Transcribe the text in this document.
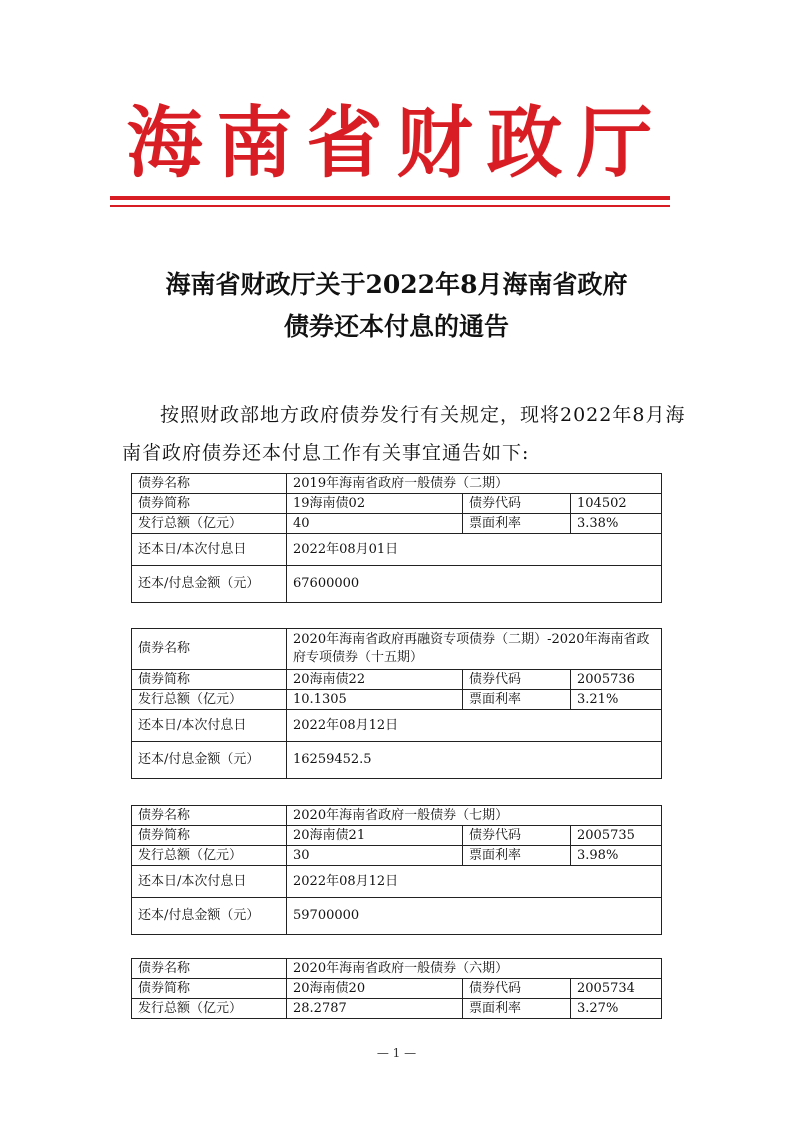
海南省财政厅
海南省财政厅关于2022年8月海南省政府
债券还本付息的通告
按照财政部地方政府债券发行有关规定，现将2022年8月海南省政府债券还本付息工作有关事宜通告如下:
债券名称	2019年海南省政府一般债券（二期）		
债券简称	19海南债02	债券代码	104502
发行总额（亿元）	40	票面利率	3.38%
还本日/本次付息日	2022年08月01日		
还本/付息金额（元）	67600000		
债券名称	2020年海南省政府再融资专项债券（二期）-2020年海南省政府专项债券（十五期）		
债券简称	20海南债22	债券代码	2005736
发行总额（亿元）	10.1305	票面利率	3.21%
还本日/本次付息日	2022年08月12日		
还本/付息金额（元）	16259452.5		
债券名称	2020年海南省政府一般债券（七期）		
债券简称	20海南债21	债券代码	2005735
发行总额（亿元）	30	票面利率	3.98%
还本日/本次付息日	2022年08月12日		
还本/付息金额（元）	59700000		
债券名称	2020年海南省政府一般债券（六期）		
债券简称	20海南债20	债券代码	2005734
发行总额（亿元）	28.2787	票面利率	3.27%
— 1 —
